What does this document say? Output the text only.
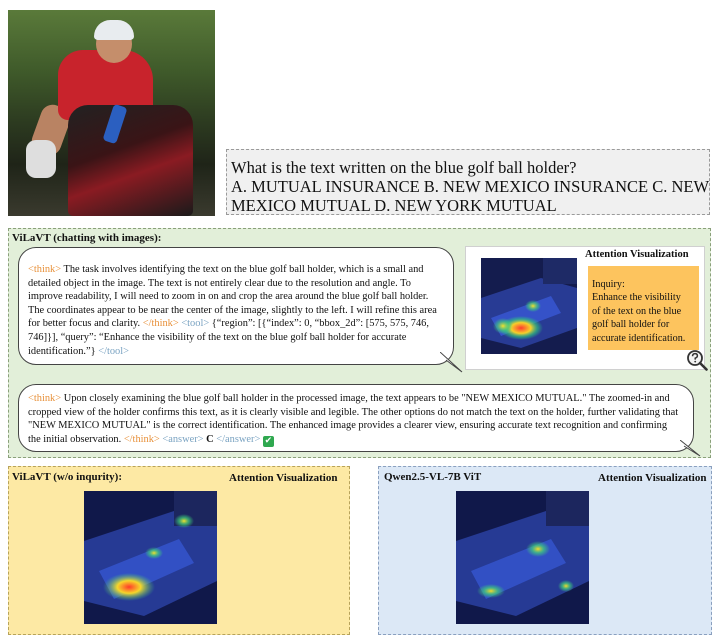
What is the text written on the blue golf ball holder?
A. MUTUAL INSURANCE B. NEW MEXICO INSURANCE C. NEW
MEXICO MUTUAL D. NEW YORK MUTUAL
ViLaVT (chatting with images):
<think> The task involves identifying the text on the blue golf ball holder, which is a small and detailed object in the image. The text is not entirely clear due to the resolution and angle. To improve readability, I will need to zoom in on and crop the area around the blue golf ball holder. The coordinates appear to be near the center of the image, slightly to the left. I will refine this area for better focus and clarity. </think> <tool> {“region”: [{“index”: 0, “bbox_2d”: [575, 575, 746, 746]}], “query”: “Enhance the visibility of the text on the blue golf ball holder for accurate identification.”} </tool>
Attention Visualization
Inquiry:
Enhance the visibility
of the text on the blue
golf ball holder for
accurate identification.
<think> Upon closely examining the blue golf ball holder in the processed image, the text appears to be "NEW MEXICO MUTUAL." The zoomed-in and cropped view of the holder confirms this text, as it is clearly visible and legible. The other options do not match the text on the holder, further validating that "NEW MEXICO MUTUAL" is the correct identification. The enhanced image provides a clearer view, ensuring accurate text recognition and confirming the initial observation. </think> <answer> C </answer> ✔
ViLaVT (w/o inqurity):	Attention Visualization	Qwen2.5-VL-7B ViT	Attention Visualization
